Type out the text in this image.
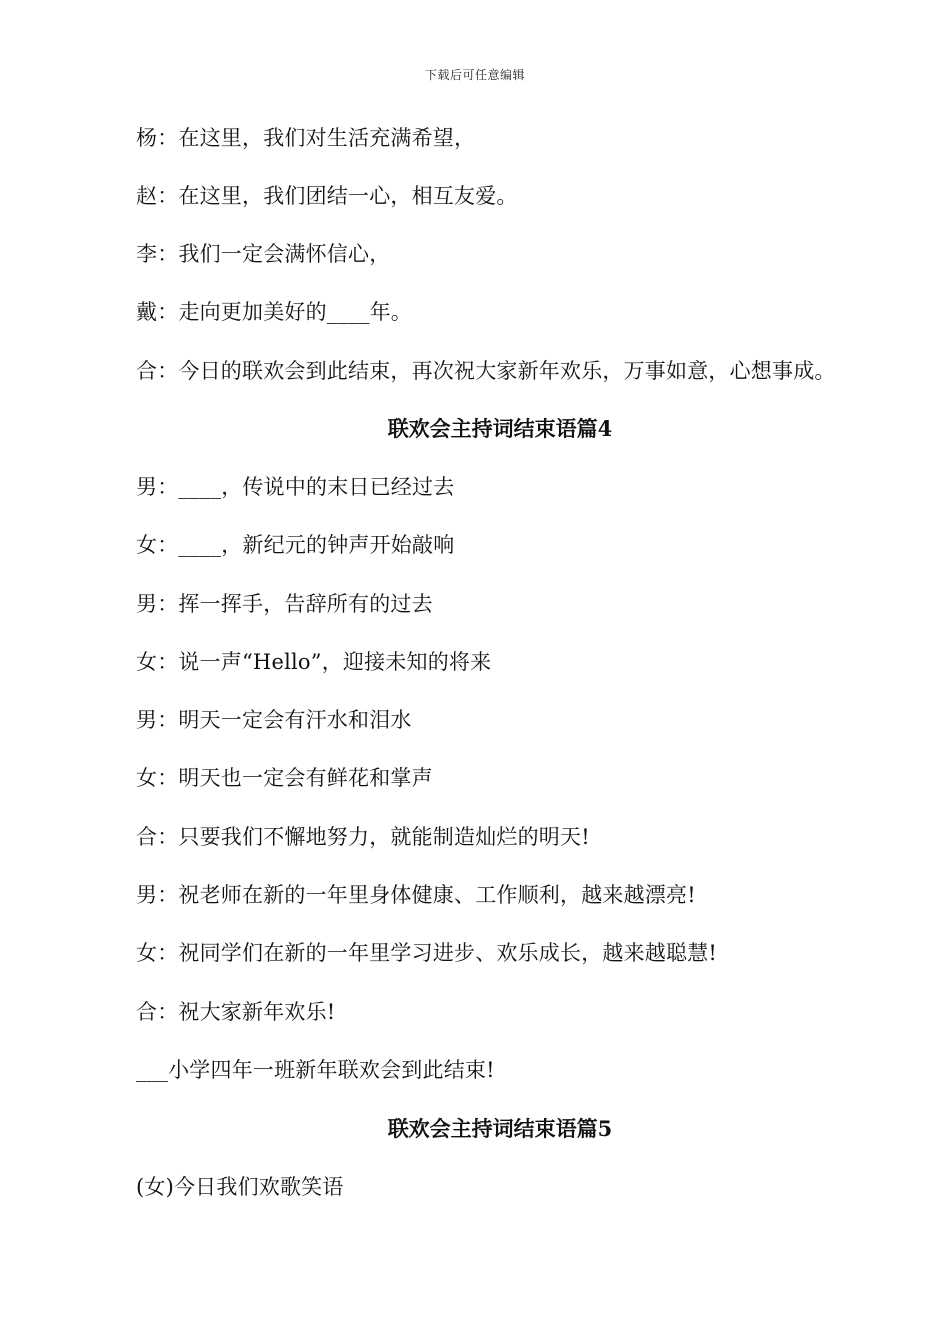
下载后可任意编辑
杨：在这里，我们对生活充满希望，
赵：在这里，我们团结一心，相互友爱。
李：我们一定会满怀信心，
戴：走向更加美好的____年。
合：今日的联欢会到此结束，再次祝大家新年欢乐，万事如意，心想事成。
联欢会主持词结束语篇4
男：____，传说中的末日已经过去
女：____，新纪元的钟声开始敲响
男：挥一挥手，告辞所有的过去
女：说一声“Hello”，迎接未知的将来
男：明天一定会有汗水和泪水
女：明天也一定会有鲜花和掌声
合：只要我们不懈地努力，就能制造灿烂的明天!
男：祝老师在新的一年里身体健康、工作顺利，越来越漂亮!
女：祝同学们在新的一年里学习进步、欢乐成长，越来越聪慧!
合：祝大家新年欢乐!
___小学四年一班新年联欢会到此结束!
联欢会主持词结束语篇5
(女)今日我们欢歌笑语
